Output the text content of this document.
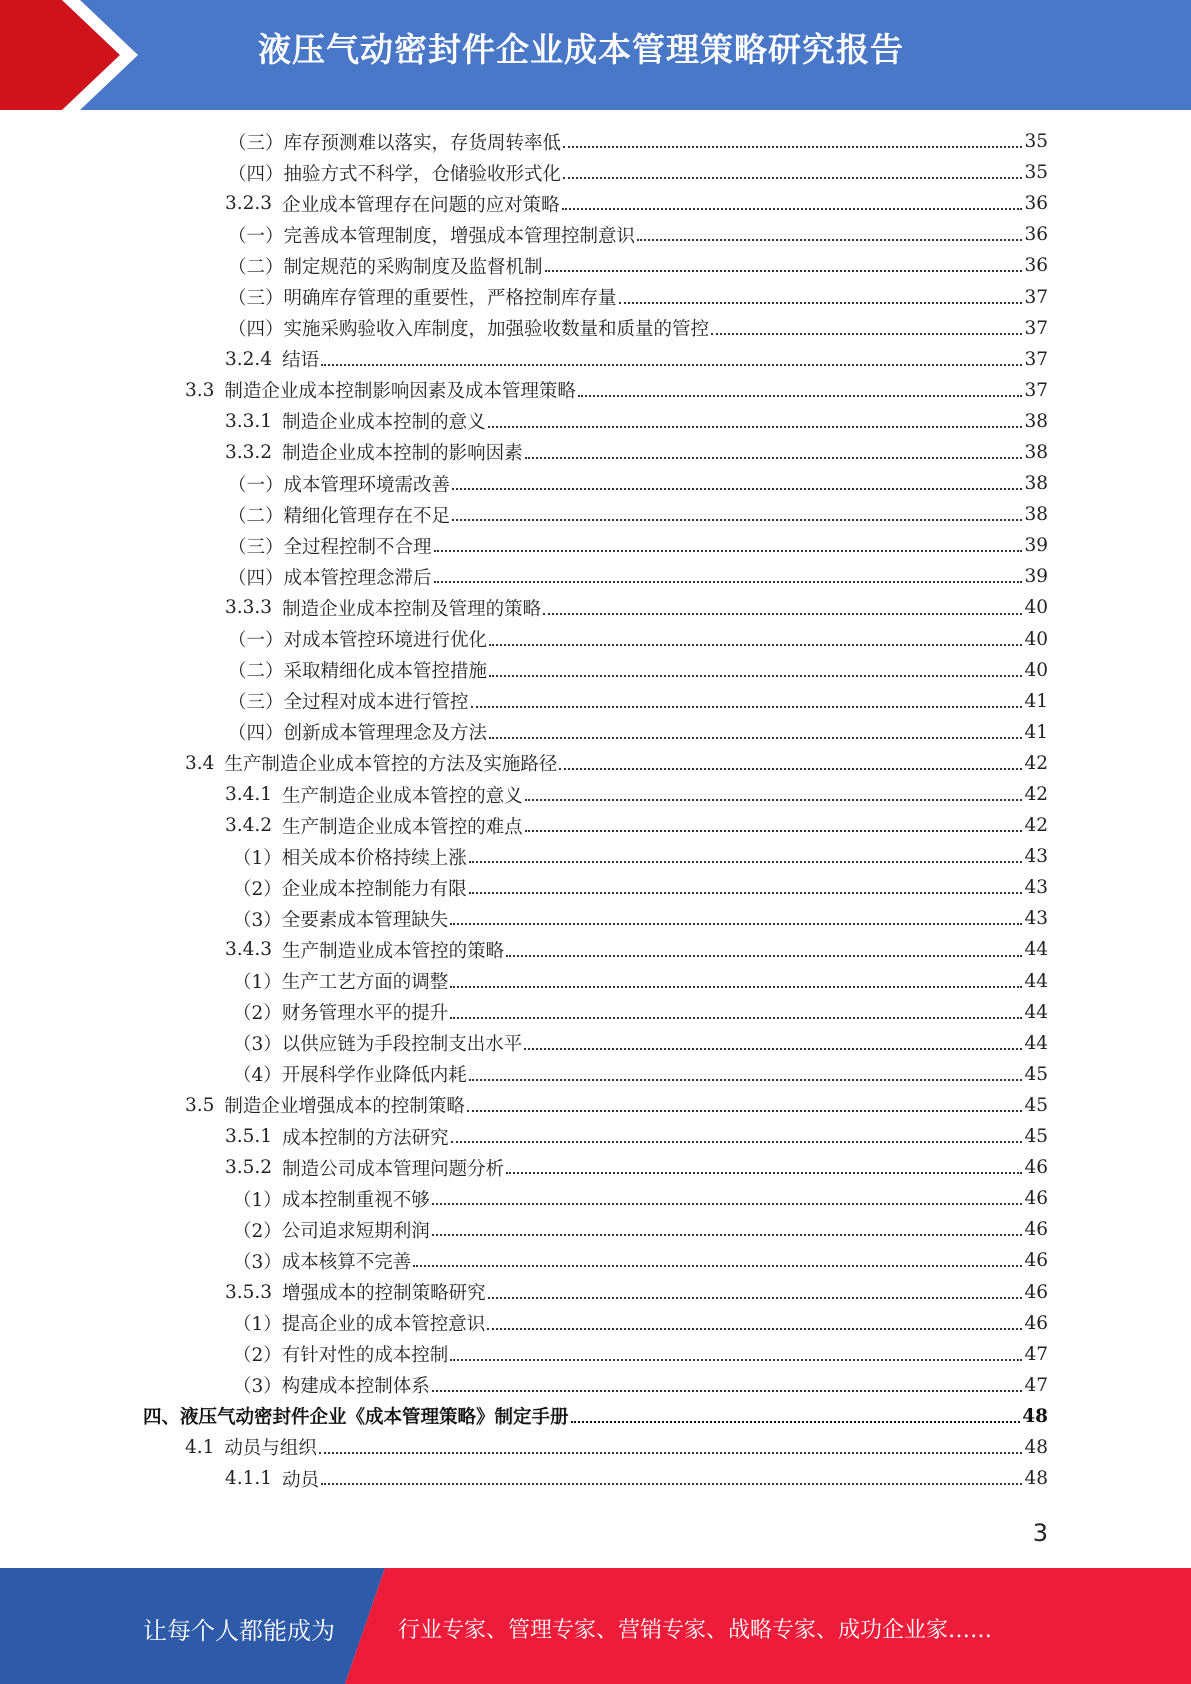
液压气动密封件企业成本管理策略研究报告
（三）库存预测难以落实，存货周转率低	35
（四）抽验方式不科学，仓储验收形式化	35
3.2.3 企业成本管理存在问题的应对策略	36
（一）完善成本管理制度，增强成本管理控制意识	36
（二）制定规范的采购制度及监督机制	36
（三）明确库存管理的重要性，严格控制库存量	37
（四）实施采购验收入库制度，加强验收数量和质量的管控	37
3.2.4 结语	37
3.3 制造企业成本控制影响因素及成本管理策略	37
3.3.1 制造企业成本控制的意义	38
3.3.2 制造企业成本控制的影响因素	38
（一）成本管理环境需改善	38
（二）精细化管理存在不足	38
（三）全过程控制不合理	39
（四）成本管控理念滞后	39
3.3.3 制造企业成本控制及管理的策略	40
（一）对成本管控环境进行优化	40
（二）采取精细化成本管控措施	40
（三）全过程对成本进行管控	41
（四）创新成本管理理念及方法	41
3.4 生产制造企业成本管控的方法及实施路径	42
3.4.1 生产制造企业成本管控的意义	42
3.4.2 生产制造企业成本管控的难点	42
（1）相关成本价格持续上涨	43
（2）企业成本控制能力有限	43
（3）全要素成本管理缺失	43
3.4.3 生产制造业成本管控的策略	44
（1）生产工艺方面的调整	44
（2）财务管理水平的提升	44
（3）以供应链为手段控制支出水平	44
（4）开展科学作业降低内耗	45
3.5 制造企业增强成本的控制策略	45
3.5.1 成本控制的方法研究	45
3.5.2 制造公司成本管理问题分析	46
（1）成本控制重视不够	46
（2）公司追求短期利润	46
（3）成本核算不完善	46
3.5.3 增强成本的控制策略研究	46
（1）提高企业的成本管控意识	46
（2）有针对性的成本控制	47
（3）构建成本控制体系	47
四、液压气动密封件企业《成本管理策略》制定手册	48
4.1 动员与组织	48
4.1.1 动员	48
3
让每个人都能成为	行业专家、管理专家、营销专家、战略专家、成功企业家……
